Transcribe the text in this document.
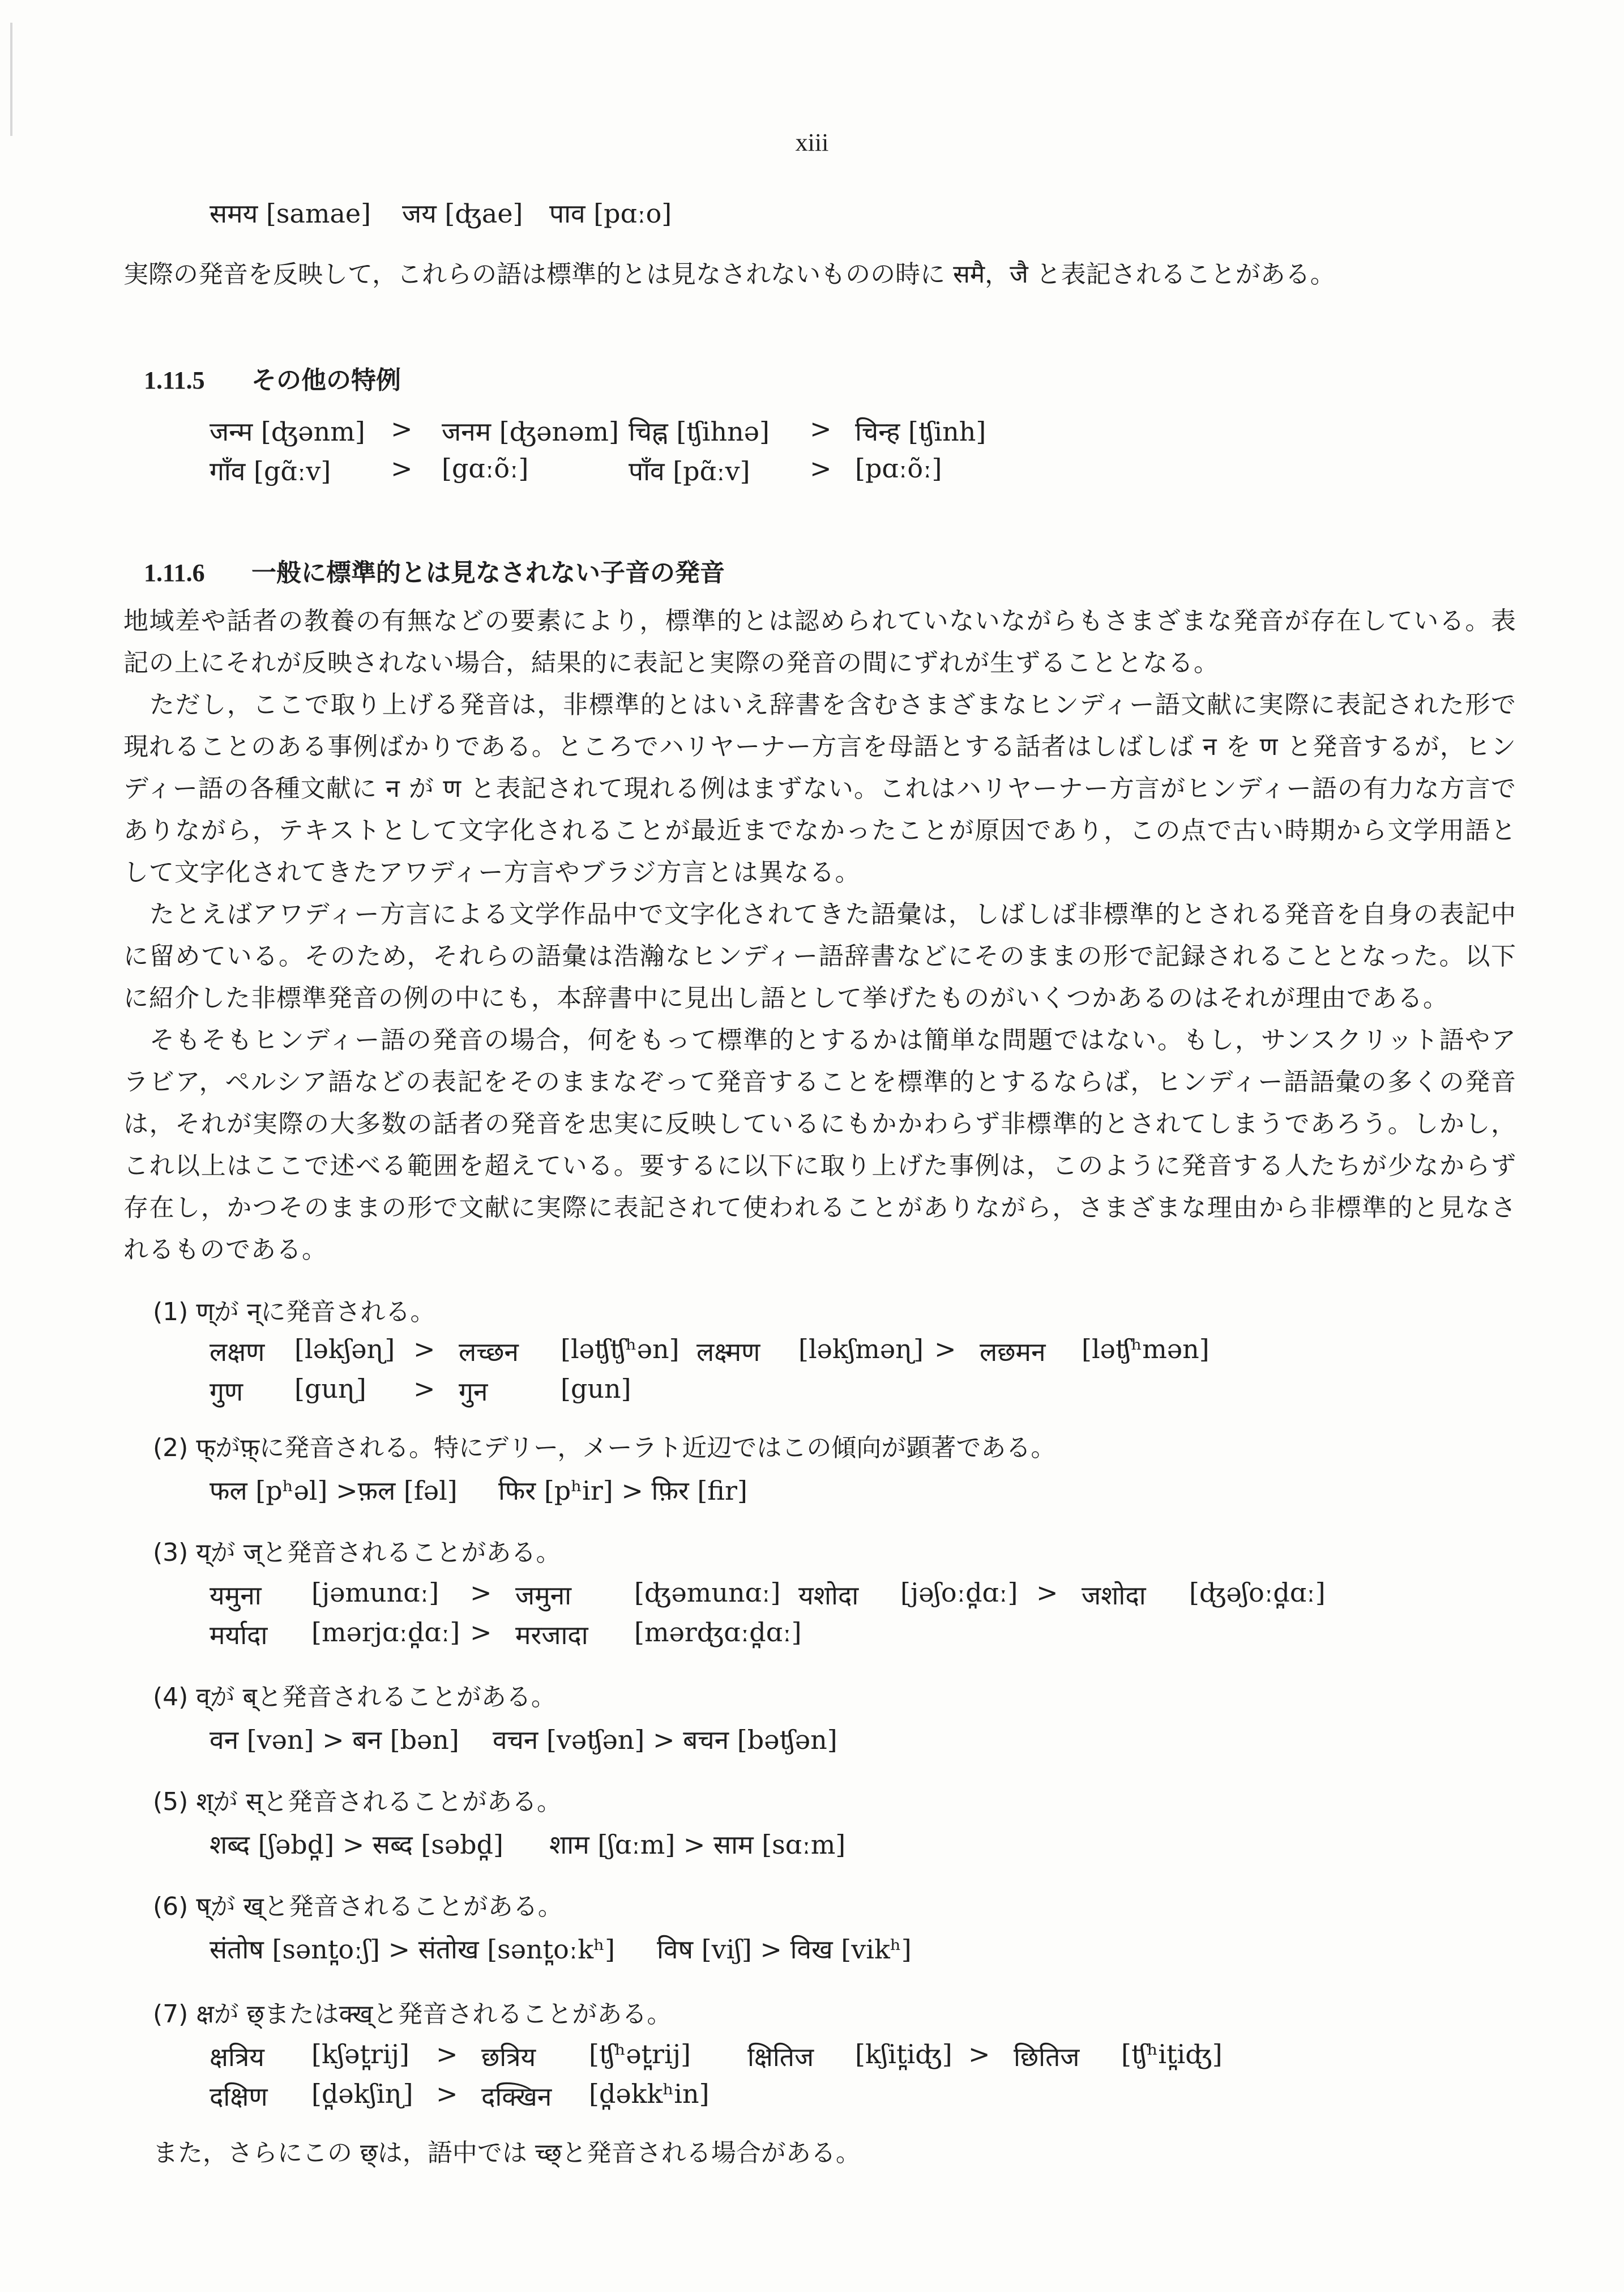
xiii
समय [samae] जय [ʤae] पाव [pɑːo]
実際の発音を反映して，これらの語は標準的とは見なされないものの時に समै，जै と表記されることがある。
1.11.5 その他の特例
जन्म [ʤənm] > जनम [ʤənəm] चिह्न [ʧihnə] > चिन्ह [ʧinh]
गाँव [gɑ̃ːv] > [gɑːõː]	पाँव [pɑ̃ːv] > [pɑːõː]
1.11.6 一般に標準的とは見なされない子音の発音

地域差や話者の教養の有無などの要素により，標準的とは認められていないながらもさまざまな発音が存在している。表記の上にそれが反映されない場合，結果的に表記と実際の発音の間にずれが生ずることとなる。

ただし，ここで取り上げる発音は，非標準的とはいえ辞書を含むさまざまなヒンディー語文献に実際に表記された形で現れることのある事例ばかりである。ところでハリヤーナー方言を母語とする話者はしばしば न を ण と発音するが，ヒンディー語の各種文献に न が ण と表記されて現れる例はまずない。これはハリヤーナー方言がヒンディー語の有力な方言でありながら，テキストとして文字化されることが最近までなかったことが原因であり，この点で古い時期から文学用語として文字化されてきたアワディー方言やブラジ方言とは異なる。

たとえばアワディー方言による文学作品中で文字化されてきた語彙は，しばしば非標準的とされる発音を自身の表記中に留めている。そのため，それらの語彙は浩瀚なヒンディー語辞書などにそのままの形で記録されることとなった。以下に紹介した非標準発音の例の中にも，本辞書中に見出し語として挙げたものがいくつかあるのはそれが理由である。

そもそもヒンディー語の発音の場合，何をもって標準的とするかは簡単な問題ではない。もし，サンスクリット語やアラビア，ペルシア語などの表記をそのままなぞって発音することを標準的とするならば，ヒンディー語語彙の多くの発音は，それが実際の大多数の話者の発音を忠実に反映しているにもかかわらず非標準的とされてしまうであろう。しかし，これ以上はここで述べる範囲を超えている。要するに以下に取り上げた事例は，このように発音する人たちが少なからず存在し，かつそのままの形で文献に実際に表記されて使われることがありながら，さまざまな理由から非標準的と見なされるものである。

(1) ण्が न्に発音される。
लक्षण [ləkʃəɳ] > लच्छन [ləʧʧʰən] लक्ष्मण [ləkʃməɳ] > लछमन [ləʧʰmən]
गुण [guɳ] > गुन	[gun]
(2) फ्がफ़्に発音される。特にデリー，メーラト近辺ではこの傾向が顕著である。
फल [pʰəl] >फ़ल [fəl] फिर [pʰir] > फ़िर [fir]
(3) य्が ज्と発音されることがある。
यमुना [jəmunɑː] > जमुना [ʤəmunɑː] यशोदा [jəʃoːd̪ɑː] > जशोदा [ʤəʃoːd̪ɑː]
मर्यादा [mərjɑːd̪ɑː] > मरजादा [mərʤɑːd̪ɑː]
(4) व्が ब्と発音されることがある。
वन [vən] > बन [bən] वचन [vəʧən] > बचन [bəʧən]
(5) श्が स्と発音されることがある。
शब्द [ʃəbd̪] > सब्द [səbd̪] शाम [ʃɑːm] > साम [sɑːm]
(6) ष्が ख्と発音されることがある。
संतोष [sənt̪oːʃ] > संतोख [sənt̪oːkʰ] विष [viʃ] > विख [vikʰ]
(7) क्षが छ्またはक्ख्と発音されることがある。
क्षत्रिय [kʃət̪rij] > छत्रिय [ʧʰət̪rij] क्षितिज [kʃit̪iʤ] > छितिज [ʧʰit̪iʤ]
दक्षिण [d̪əkʃiɳ] > दक्खिन [d̪əkkʰin]
また，さらにこの छ्は，語中では च्छ्と発音される場合がある。
